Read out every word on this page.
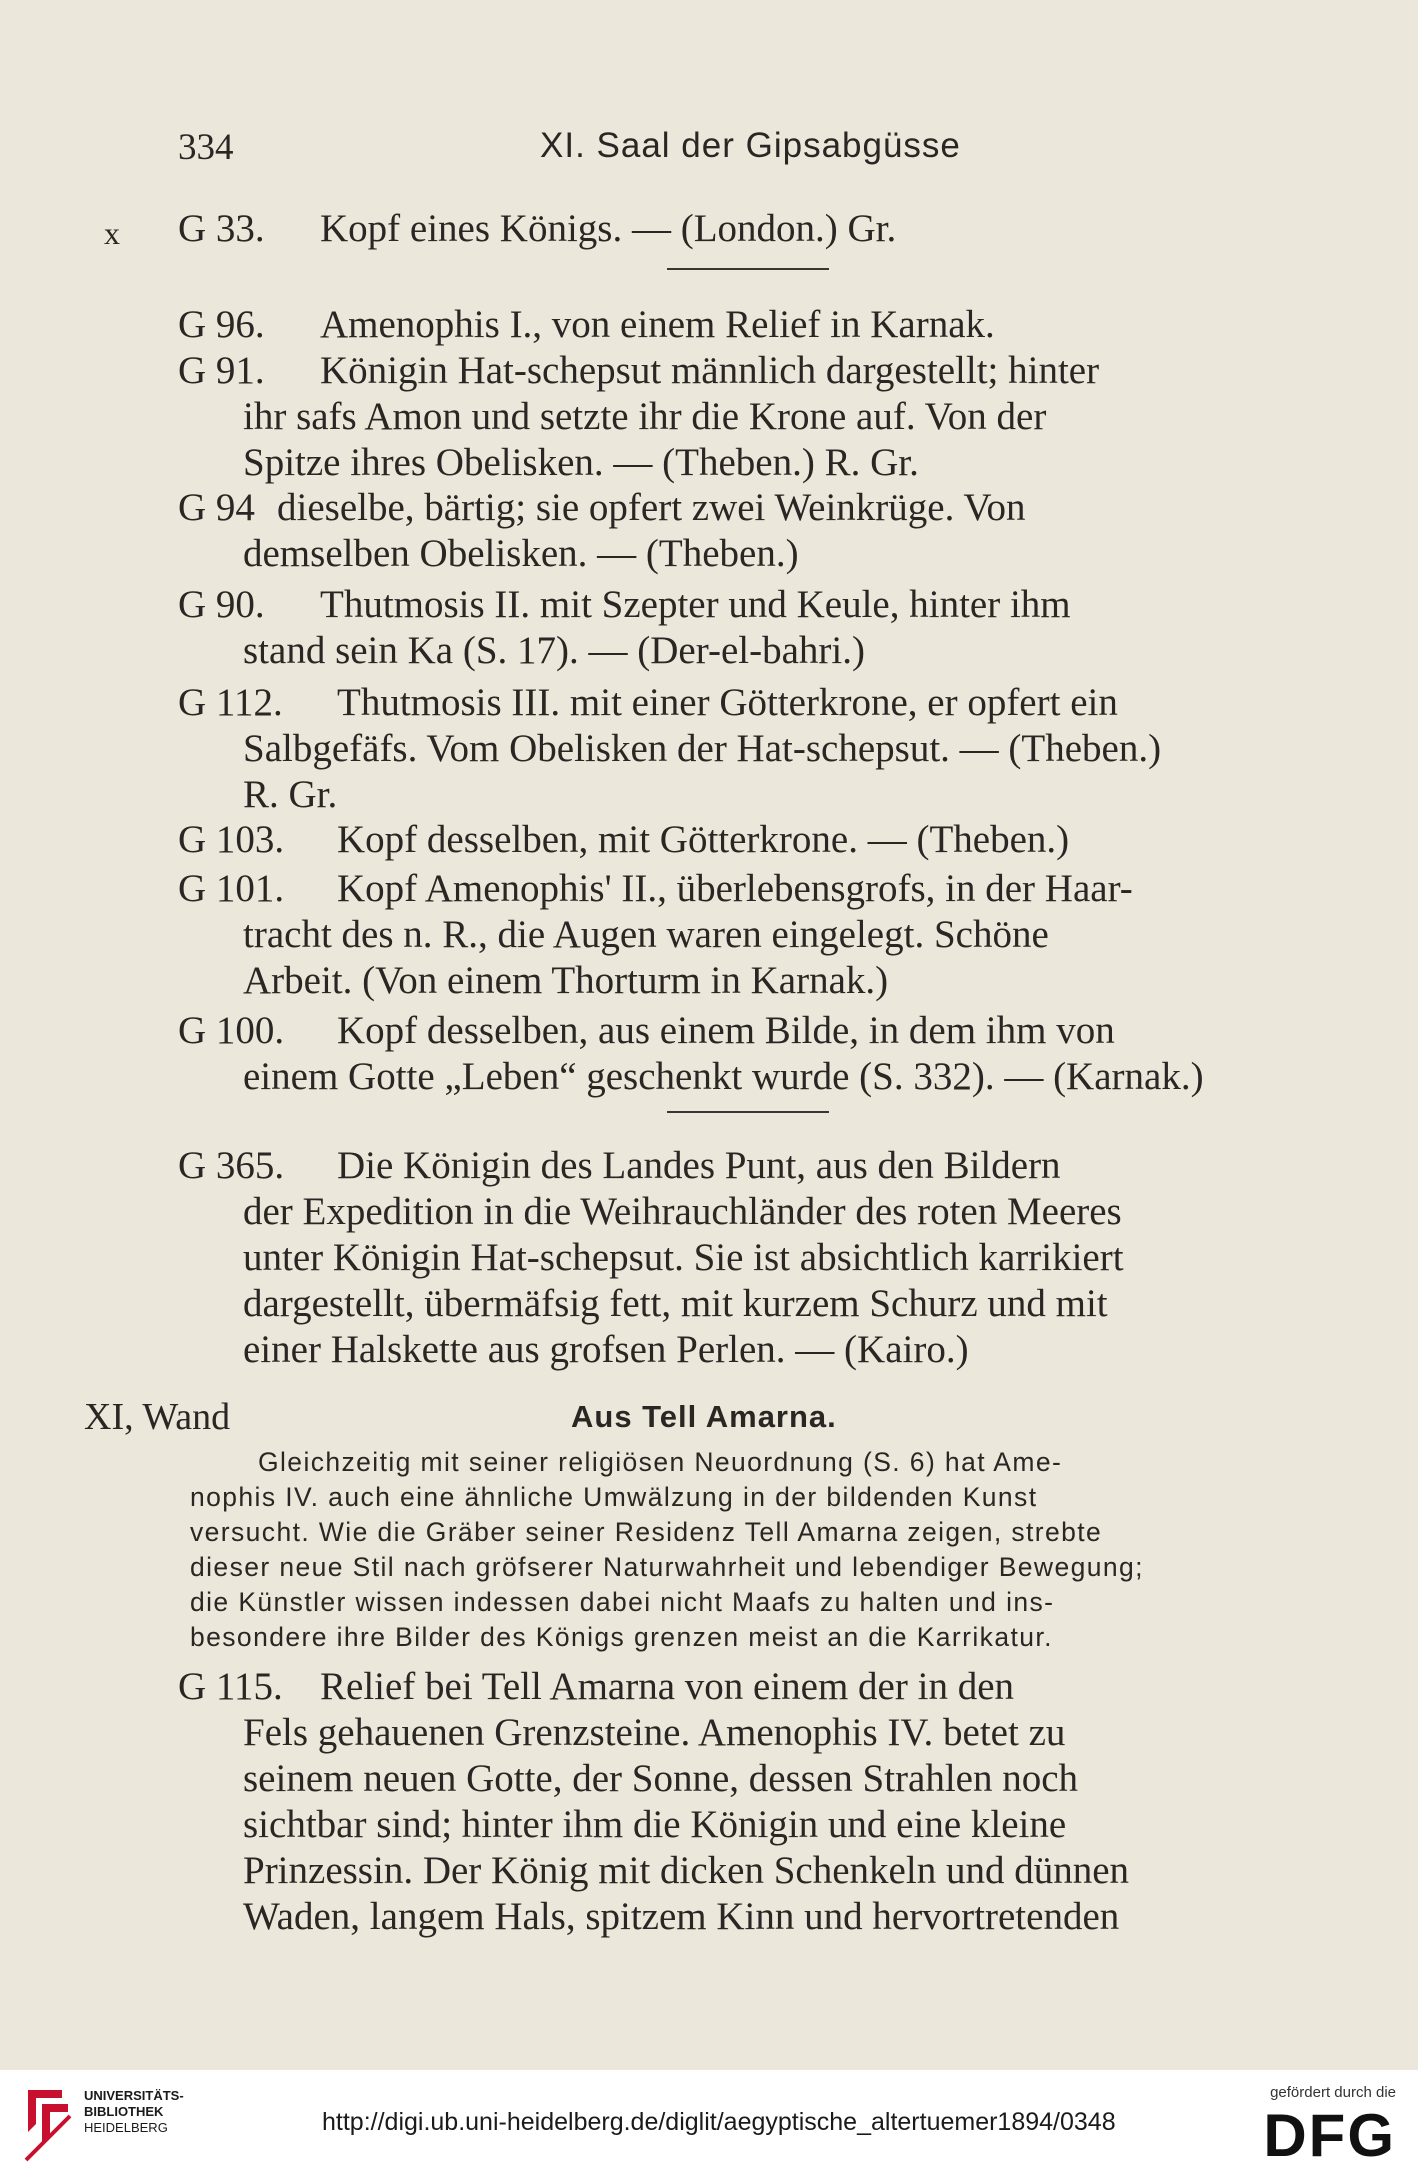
334	XI. Saal der Gipsabgüsse
x G 33. Kopf eines Königs. — (London.) Gr.
G 96. Amenophis I., von einem Relief in Karnak.
G 91. Königin Hat-schepsut männlich dargestellt; hinter
ihr safs Amon und setzte ihr die Krone auf. Von der
Spitze ihres Obelisken. — (Theben.) R. Gr.
G 94 dieselbe, bärtig; sie opfert zwei Weinkrüge. Von
demselben Obelisken. — (Theben.)
G 90. Thutmosis II. mit Szepter und Keule, hinter ihm
stand sein Ka (S. 17). — (Der-el-bahri.)
G 112. Thutmosis III. mit einer Götterkrone, er opfert ein
Salbgefäfs. Vom Obelisken der Hat-schepsut. — (Theben.)
R. Gr.
G 103. Kopf desselben, mit Götterkrone. — (Theben.)
G 101. Kopf Amenophis' II., überlebensgrofs, in der Haar-
tracht des n. R., die Augen waren eingelegt. Schöne
Arbeit. (Von einem Thorturm in Karnak.)
G 100. Kopf desselben, aus einem Bilde, in dem ihm von
einem Gotte „Leben“ geschenkt wurde (S. 332). — (Karnak.)
G 365. Die Königin des Landes Punt, aus den Bildern
der Expedition in die Weihrauchländer des roten Meeres
unter Königin Hat-schepsut. Sie ist absichtlich karrikiert
dargestellt, übermäfsig fett, mit kurzem Schurz und mit
einer Halskette aus grofsen Perlen. — (Kairo.)
XI, Wand	Aus Tell Amarna.
Gleichzeitig mit seiner religiösen Neuordnung (S. 6) hat Ame-
nophis IV. auch eine ähnliche Umwälzung in der bildenden Kunst
versucht. Wie die Gräber seiner Residenz Tell Amarna zeigen, strebte
dieser neue Stil nach gröfserer Naturwahrheit und lebendiger Bewegung;
die Künstler wissen indessen dabei nicht Maafs zu halten und ins-
besondere ihre Bilder des Königs grenzen meist an die Karrikatur.
G 115. Relief bei Tell Amarna von einem der in den
Fels gehauenen Grenzsteine. Amenophis IV. betet zu
seinem neuen Gotte, der Sonne, dessen Strahlen noch
sichtbar sind; hinter ihm die Königin und eine kleine
Prinzessin. Der König mit dicken Schenkeln und dünnen
Waden, langem Hals, spitzem Kinn und hervortretenden
UNIVERSITÄTS-
BIBLIOTHEK
HEIDELBERG	http://digi.ub.uni-heidelberg.de/diglit/aegyptische_altertuemer1894/0348
gefördert durch die
DFG
